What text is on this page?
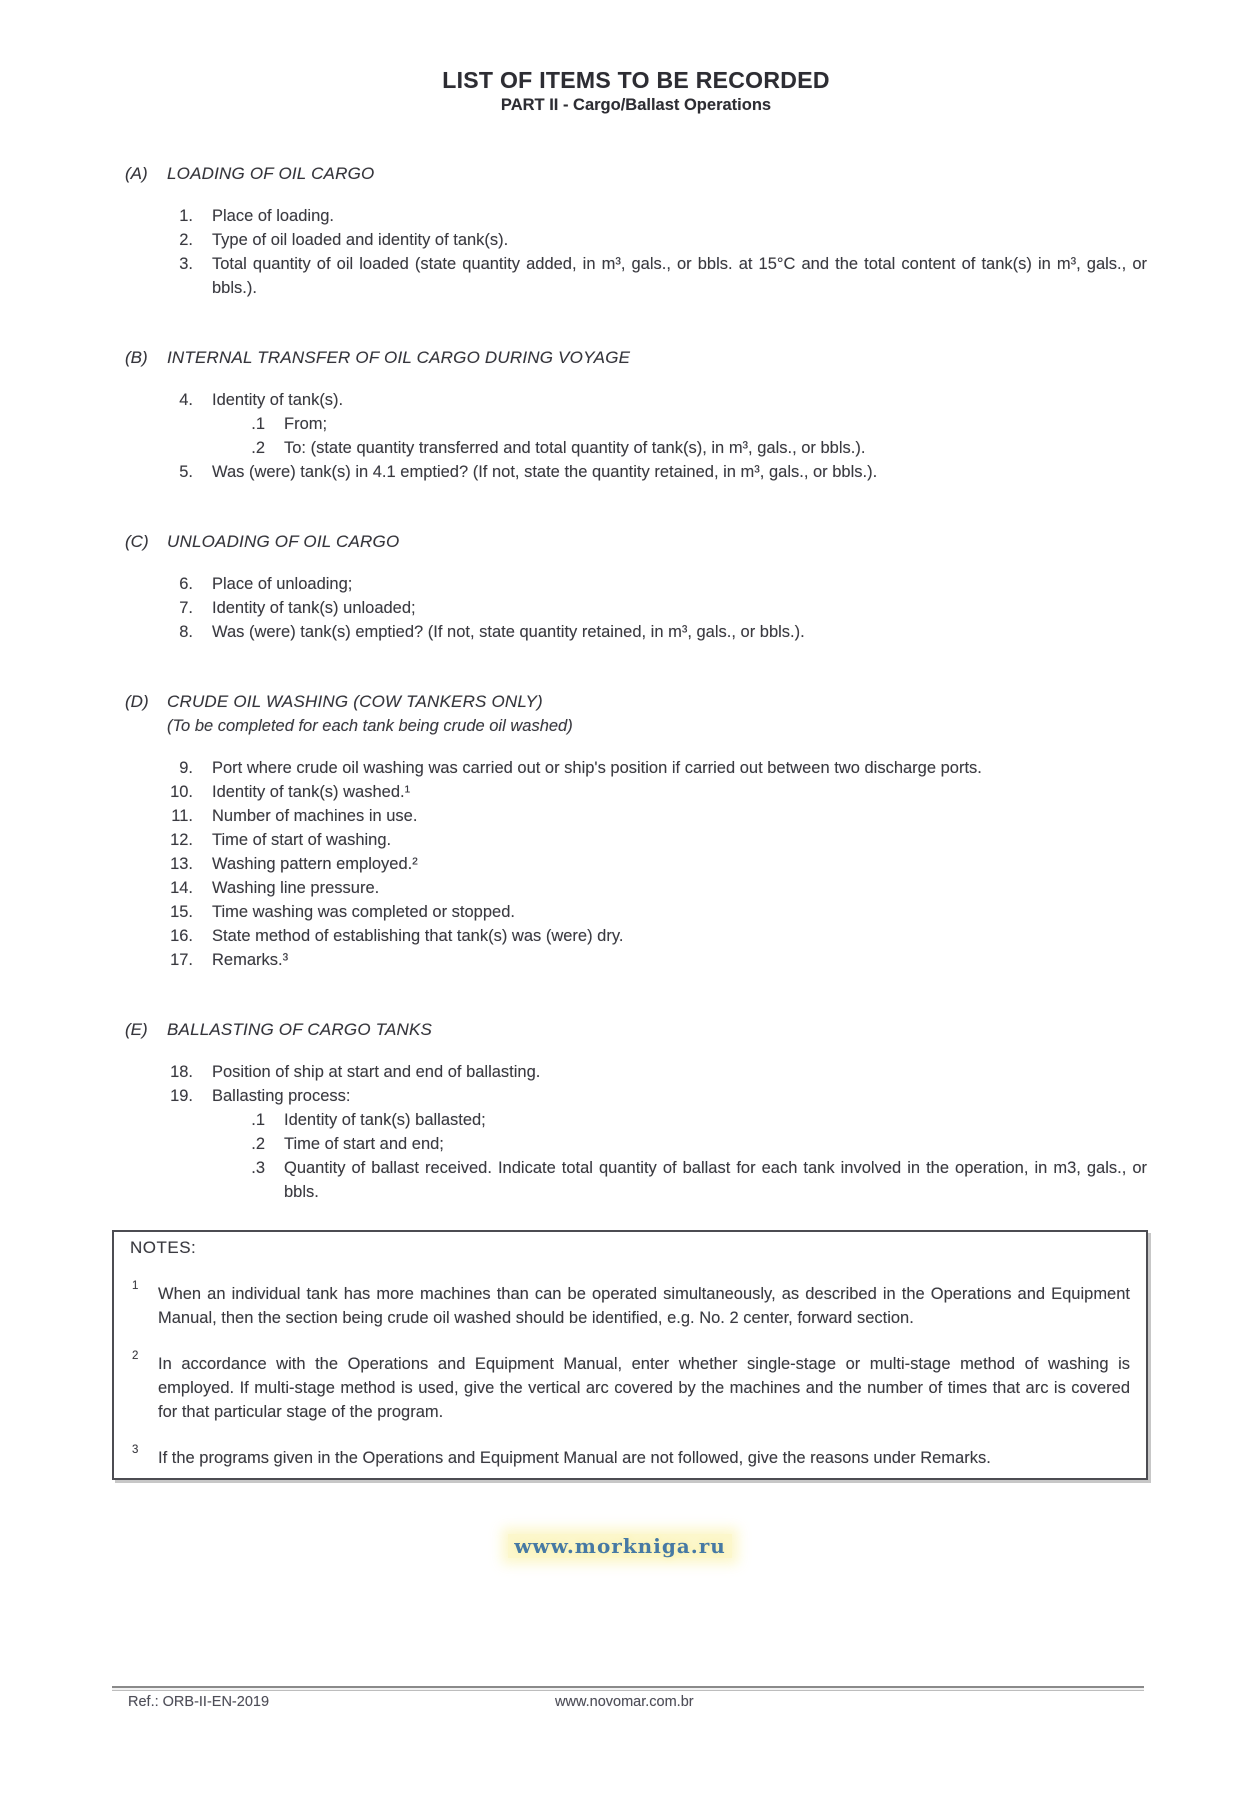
LIST OF ITEMS TO BE RECORDED
PART II - Cargo/Ballast Operations
(A)	LOADING OF OIL CARGO
1. Place of loading.
2. Type of oil loaded and identity of tank(s).
3. Total quantity of oil loaded (state quantity added, in m³, gals., or bbls. at 15°C and the total content of tank(s) in m³, gals., or bbls.).
(B)	INTERNAL TRANSFER OF OIL CARGO DURING VOYAGE
4. Identity of tank(s).
.1 From;
.2 To: (state quantity transferred and total quantity of tank(s), in m³, gals., or bbls.).
5. Was (were) tank(s) in 4.1 emptied? (If not, state the quantity retained, in m³, gals., or bbls.).
(C)	UNLOADING OF OIL CARGO
6. Place of unloading;
7. Identity of tank(s) unloaded;
8. Was (were) tank(s) emptied? (If not, state quantity retained, in m³, gals., or bbls.).
(D)	CRUDE OIL WASHING (COW TANKERS ONLY)
(To be completed for each tank being crude oil washed)
9. Port where crude oil washing was carried out or ship's position if carried out between two discharge ports.
10. Identity of tank(s) washed.¹
11. Number of machines in use.
12. Time of start of washing.
13. Washing pattern employed.²
14. Washing line pressure.
15. Time washing was completed or stopped.
16. State method of establishing that tank(s) was (were) dry.
17. Remarks.³
(E)	BALLASTING OF CARGO TANKS
18. Position of ship at start and end of ballasting.
19. Ballasting process:
.1 Identity of tank(s) ballasted;
.2 Time of start and end;
.3 Quantity of ballast received. Indicate total quantity of ballast for each tank involved in the operation, in m3, gals., or bbls.
NOTES:
1	When an individual tank has more machines than can be operated simultaneously, as described in the Operations and Equipment Manual, then the section being crude oil washed should be identified, e.g. No. 2 center, forward section.
2	In accordance with the Operations and Equipment Manual, enter whether single-stage or multi-stage method of washing is employed. If multi-stage method is used, give the vertical arc covered by the machines and the number of times that arc is covered for that particular stage of the program.
3	If the programs given in the Operations and Equipment Manual are not followed, give the reasons under Remarks.
www.morkniga.ru
Ref.: ORB-II-EN-2019	www.novomar.com.br
